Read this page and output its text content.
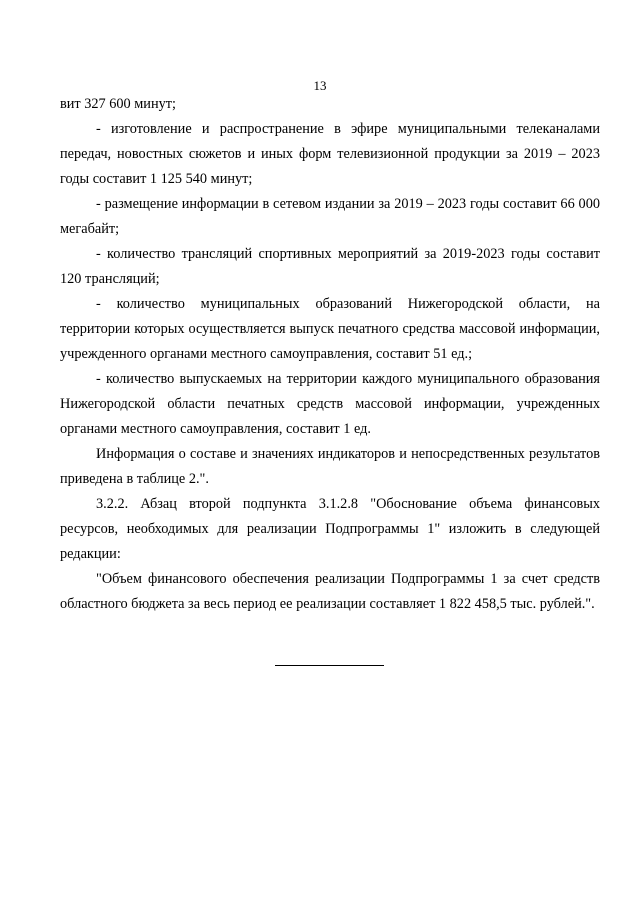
13

вит 327 600 минут;

- изготовление и распространение в эфире муниципальными телеканалами передач, новостных сюжетов и иных форм телевизионной продукции за 2019 – 2023 годы составит 1 125 540 минут;

- размещение информации в сетевом издании за 2019 – 2023 годы составит 66 000 мегабайт;

- количество трансляций спортивных мероприятий за 2019-2023 годы составит 120 трансляций;

- количество муниципальных образований Нижегородской области, на территории которых осуществляется выпуск печатного средства массовой информации, учрежденного органами местного самоуправления, составит 51 ед.;

- количество выпускаемых на территории каждого муниципального образования Нижегородской области печатных средств массовой информации, учрежденных органами местного самоуправления, составит 1 ед.

Информация о составе и значениях индикаторов и непосредственных результатов приведена в таблице 2.".

3.2.2. Абзац второй подпункта 3.1.2.8 "Обоснование объема финансовых ресурсов, необходимых для реализации Подпрограммы 1" изложить в следующей редакции:

"Объем финансового обеспечения реализации Подпрограммы 1 за счет средств областного бюджета за весь период ее реализации составляет 1 822 458,5 тыс. рублей.".
